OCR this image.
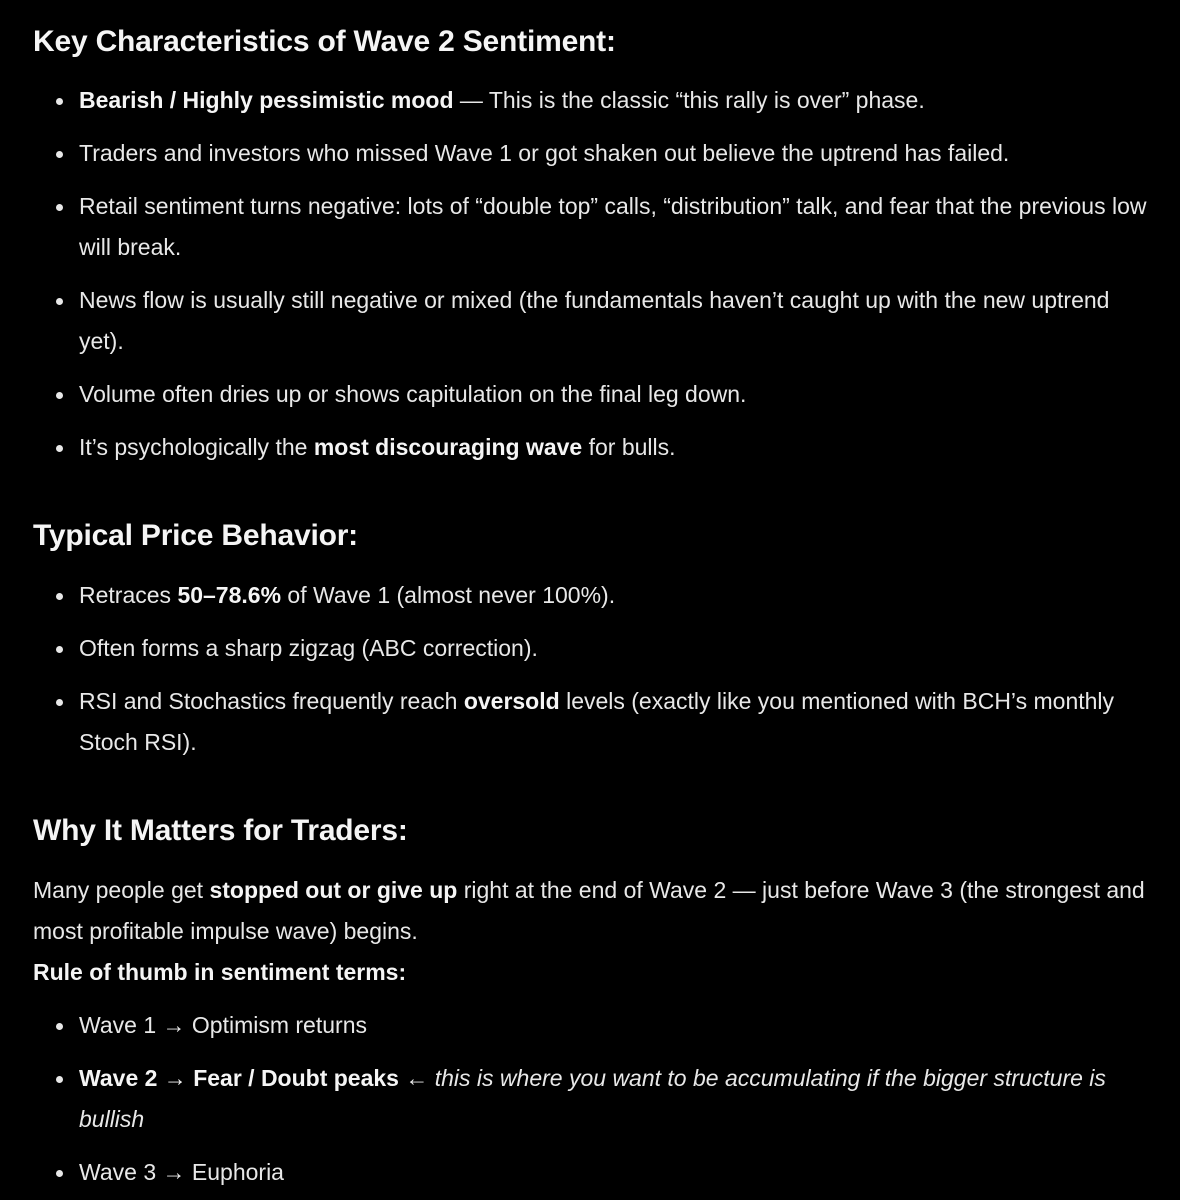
Key Characteristics of Wave 2 Sentiment:
Bearish / Highly pessimistic mood — This is the classic “this rally is over” phase.
Traders and investors who missed Wave 1 or got shaken out believe the uptrend has failed.
Retail sentiment turns negative: lots of “double top” calls, “distribution” talk, and fear that the previous low will break.
News flow is usually still negative or mixed (the fundamentals haven’t caught up with the new uptrend yet).
Volume often dries up or shows capitulation on the final leg down.
It’s psychologically the most discouraging wave for bulls.
Typical Price Behavior:
Retraces 50–78.6% of Wave 1 (almost never 100%).
Often forms a sharp zigzag (ABC correction).
RSI and Stochastics frequently reach oversold levels (exactly like you mentioned with BCH’s monthly Stoch RSI).
Why It Matters for Traders:

Many people get stopped out or give up right at the end of Wave 2 — just before Wave 3 (the strongest and most profitable impulse wave) begins.

Rule of thumb in sentiment terms:

Wave 1 → Optimism returns
Wave 2 → Fear / Doubt peaks ← this is where you want to be accumulating if the bigger structure is bullish
Wave 3 → Euphoria
